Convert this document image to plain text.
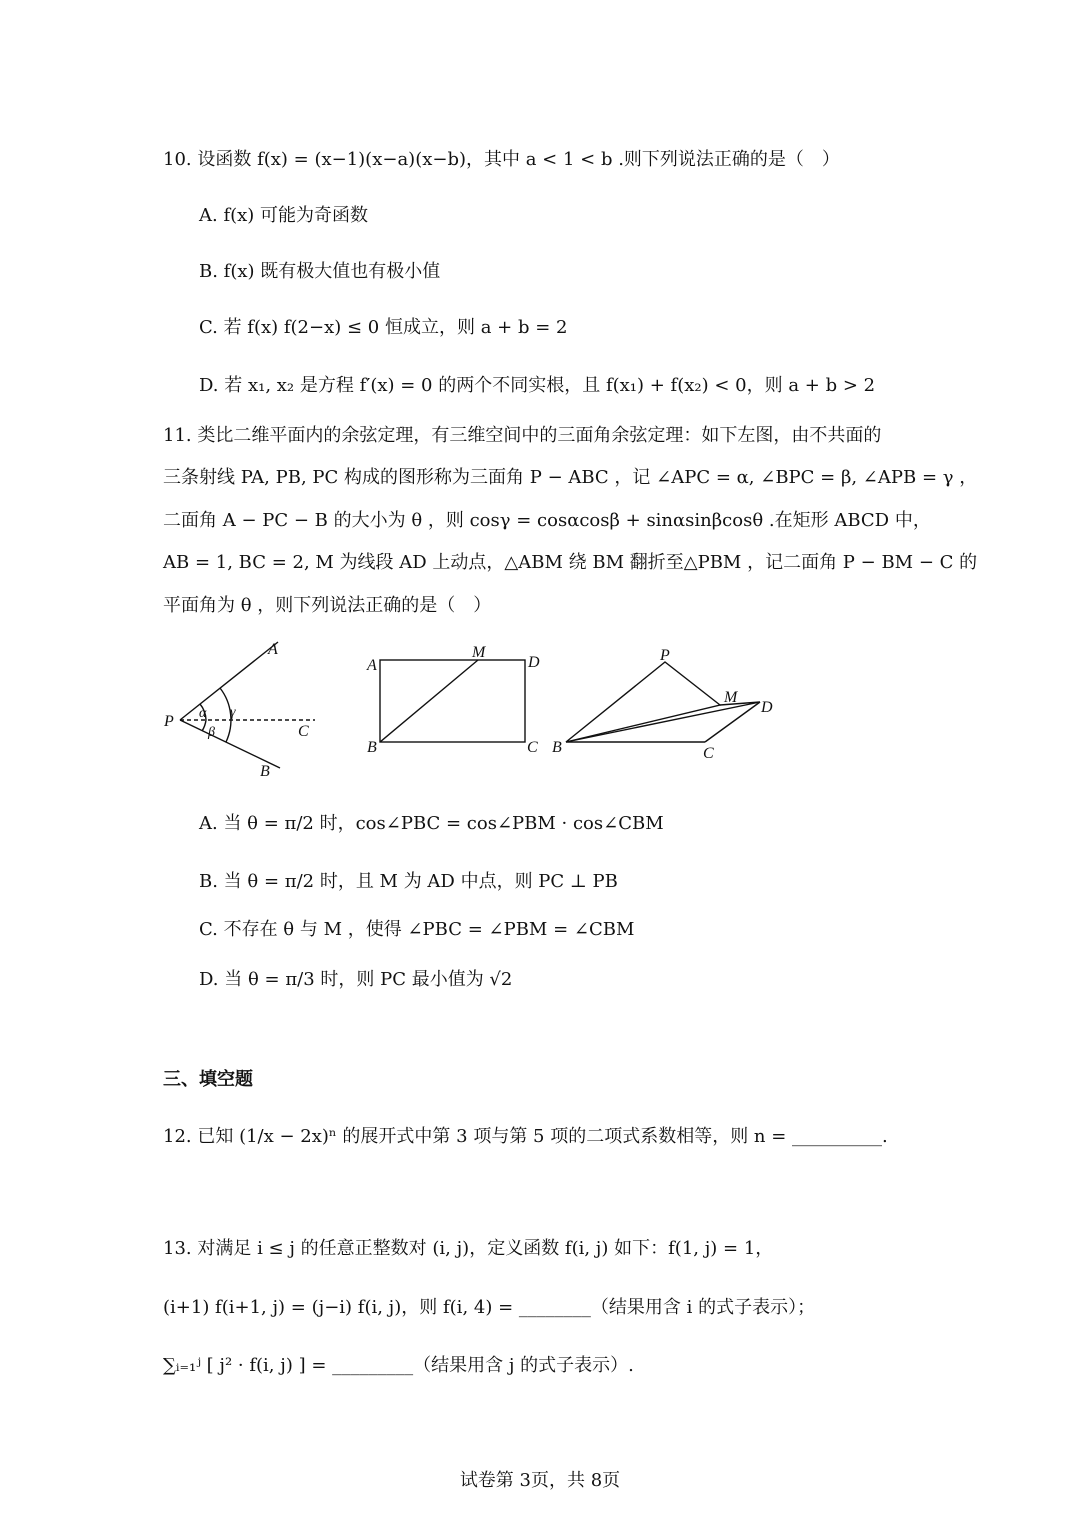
10. 设函数 f(x) = (x−1)(x−a)(x−b)，其中 a < 1 < b .则下列说法正确的是（　）
A. f(x) 可能为奇函数
B. f(x) 既有极大值也有极小值
C. 若 f(x) f(2−x) ≤ 0 恒成立，则 a + b = 2
D. 若 x₁, x₂ 是方程 f′(x) = 0 的两个不同实根，且 f(x₁) + f(x₂) < 0，则 a + b > 2
11. 类比二维平面内的余弦定理，有三维空间中的三面角余弦定理：如下左图，由不共面的
三条射线 PA, PB, PC 构成的图形称为三面角 P − ABC ，记 ∠APC = α, ∠BPC = β, ∠APB = γ ，
二面角 A − PC − B 的大小为 θ ，则 cosγ = cosαcosβ + sinαsinβcosθ .在矩形 ABCD 中，
AB = 1, BC = 2, M 为线段 AD 上动点，△ABM 绕 BM 翻折至△PBM ，记二面角 P − BM − C 的
平面角为 θ ，则下列说法正确的是（　）
A
P α γ
β	C
B
A
M
D
B	C
P
M
D
B	C
A. 当 θ = π/2 时，cos∠PBC = cos∠PBM · cos∠CBM
B. 当 θ = π/2 时，且 M 为 AD 中点，则 PC ⊥ PB
C. 不存在 θ 与 M ，使得 ∠PBC = ∠PBM = ∠CBM
D. 当 θ = π/3 时，则 PC 最小值为 √2
三、填空题
12. 已知 (1/x − 2x)ⁿ 的展开式中第 3 项与第 5 项的二项式系数相等，则 n = __________.
13. 对满足 i ≤ j 的任意正整数对 (i, j)，定义函数 f(i, j) 如下：f(1, j) = 1，
(i+1) f(i+1, j) = (j−i) f(i, j)，则 f(i, 4) = ________（结果用含 i 的式子表示）；
∑ᵢ₌₁ʲ [ j² · f(i, j) ] = _________（结果用含 j 的式子表示）.
试卷第 3页，共 8页
